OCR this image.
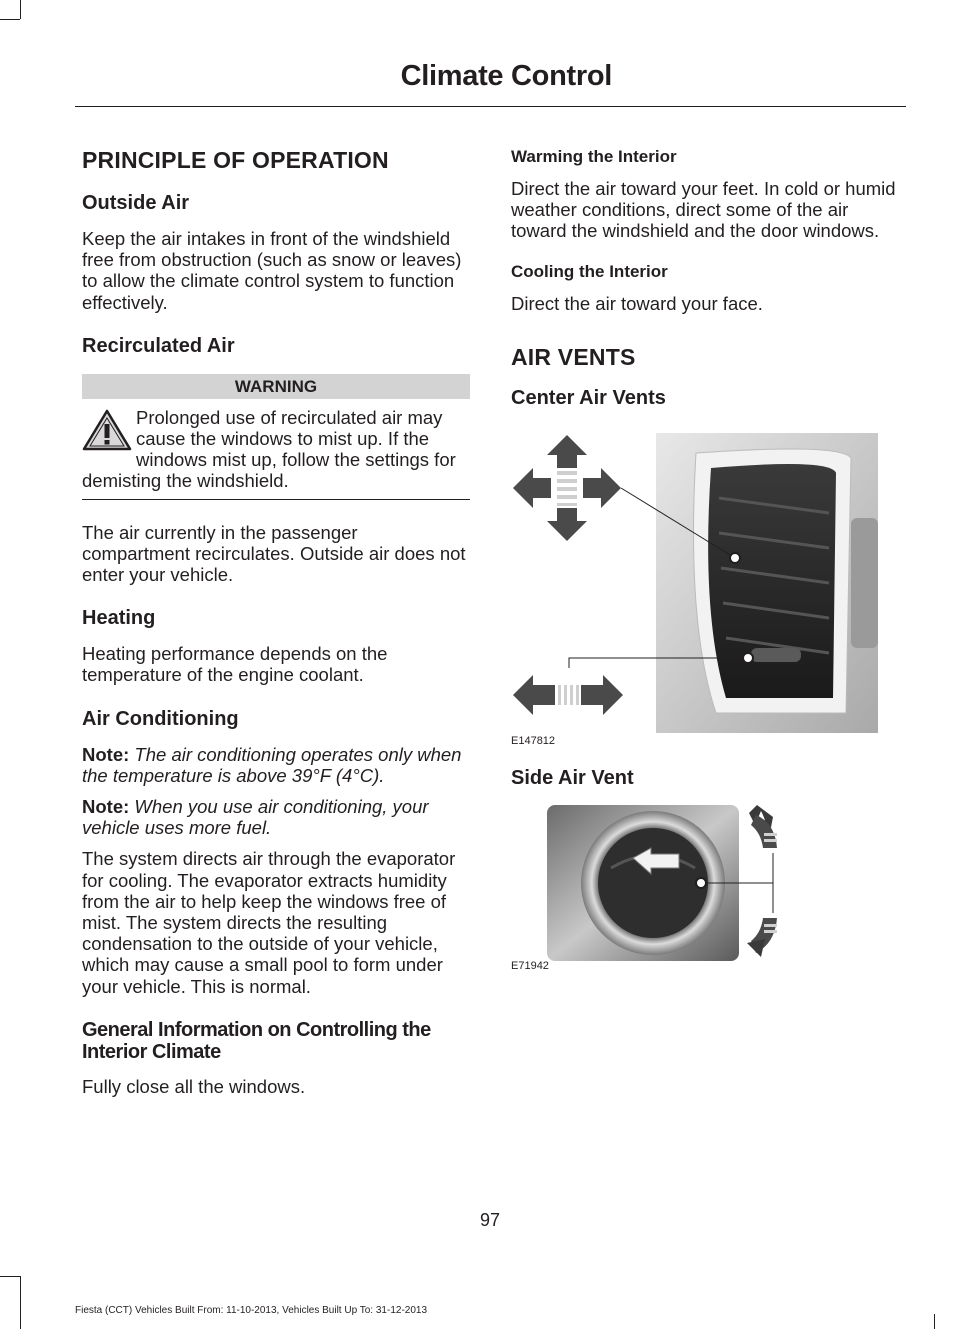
Climate Control
PRINCIPLE OF OPERATION
Outside Air

Keep the air intakes in front of the windshield free from obstruction (such as snow or leaves) to allow the climate control system to function effectively.

Recirculated Air
WARNING
Prolonged use of recirculated air may cause the windows to mist up. If the windows mist up, follow the settings for demisting the windshield.

The air currently in the passenger compartment recirculates. Outside air does not enter your vehicle.

Heating

Heating performance depends on the temperature of the engine coolant.

Air Conditioning

Note: The air conditioning operates only when the temperature is above 39°F (4°C).

Note: When you use air conditioning, your vehicle uses more fuel.

The system directs air through the evaporator for cooling. The evaporator extracts humidity from the air to help keep the windows free of mist. The system directs the resulting condensation to the outside of your vehicle, which may cause a small pool to form under your vehicle. This is normal.

General Information on Controlling the Interior Climate

Fully close all the windows.

Warming the Interior

Direct the air toward your feet. In cold or humid weather conditions, direct some of the air toward the windshield and the door windows.

Cooling the Interior

Direct the air toward your face.

AIR VENTS
Center Air Vents
E147812
Side Air Vent
E71942
97
Fiesta (CCT) Vehicles Built From: 11-10-2013, Vehicles Built Up To: 31-12-2013
